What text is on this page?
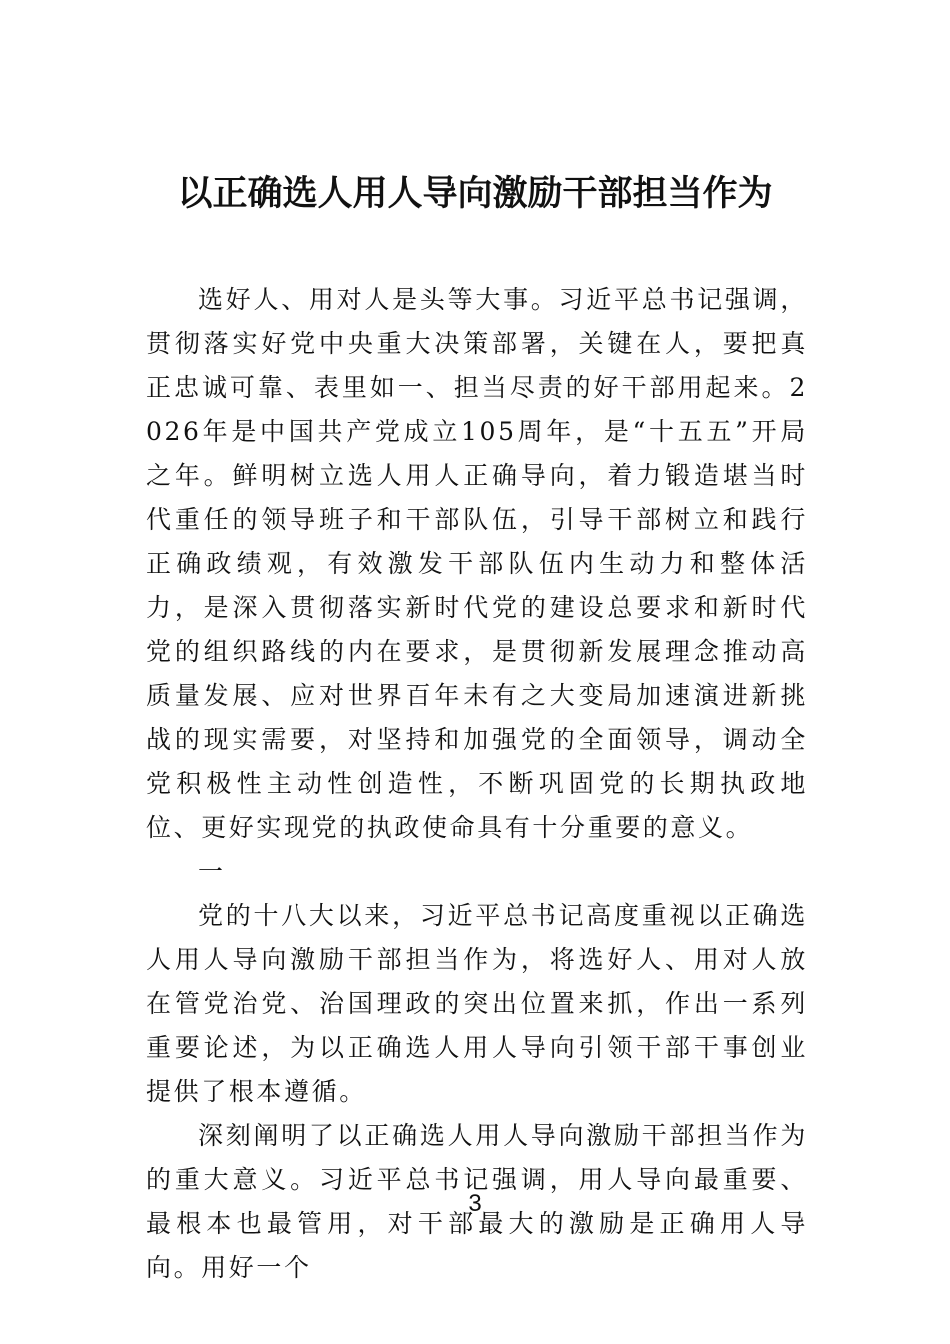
以正确选人用人导向激励干部担当作为

选好人、用对人是头等大事。习近平总书记强调，贯彻落实好党中央重大决策部署，关键在人，要把真正忠诚可靠、表里如一、担当尽责的好干部用起来。2026年是中国共产党成立105周年，是“十五五”开局之年。鲜明树立选人用人正确导向，着力锻造堪当时代重任的领导班子和干部队伍，引导干部树立和践行正确政绩观，有效激发干部队伍内生动力和整体活力，是深入贯彻落实新时代党的建设总要求和新时代党的组织路线的内在要求，是贯彻新发展理念推动高质量发展、应对世界百年未有之大变局加速演进新挑战的现实需要，对坚持和加强党的全面领导，调动全党积极性主动性创造性，不断巩固党的长期执政地位、更好实现党的执政使命具有十分重要的意义。

一

党的十八大以来，习近平总书记高度重视以正确选人用人导向激励干部担当作为，将选好人、用对人放在管党治党、治国理政的突出位置来抓，作出一系列重要论述，为以正确选人用人导向引领干部干事创业提供了根本遵循。

深刻阐明了以正确选人用人导向激励干部担当作为的重大意义。习近平总书记强调，用人导向最重要、最根本也最管用，对干部最大的激励是正确用人导向。用好一个

3
